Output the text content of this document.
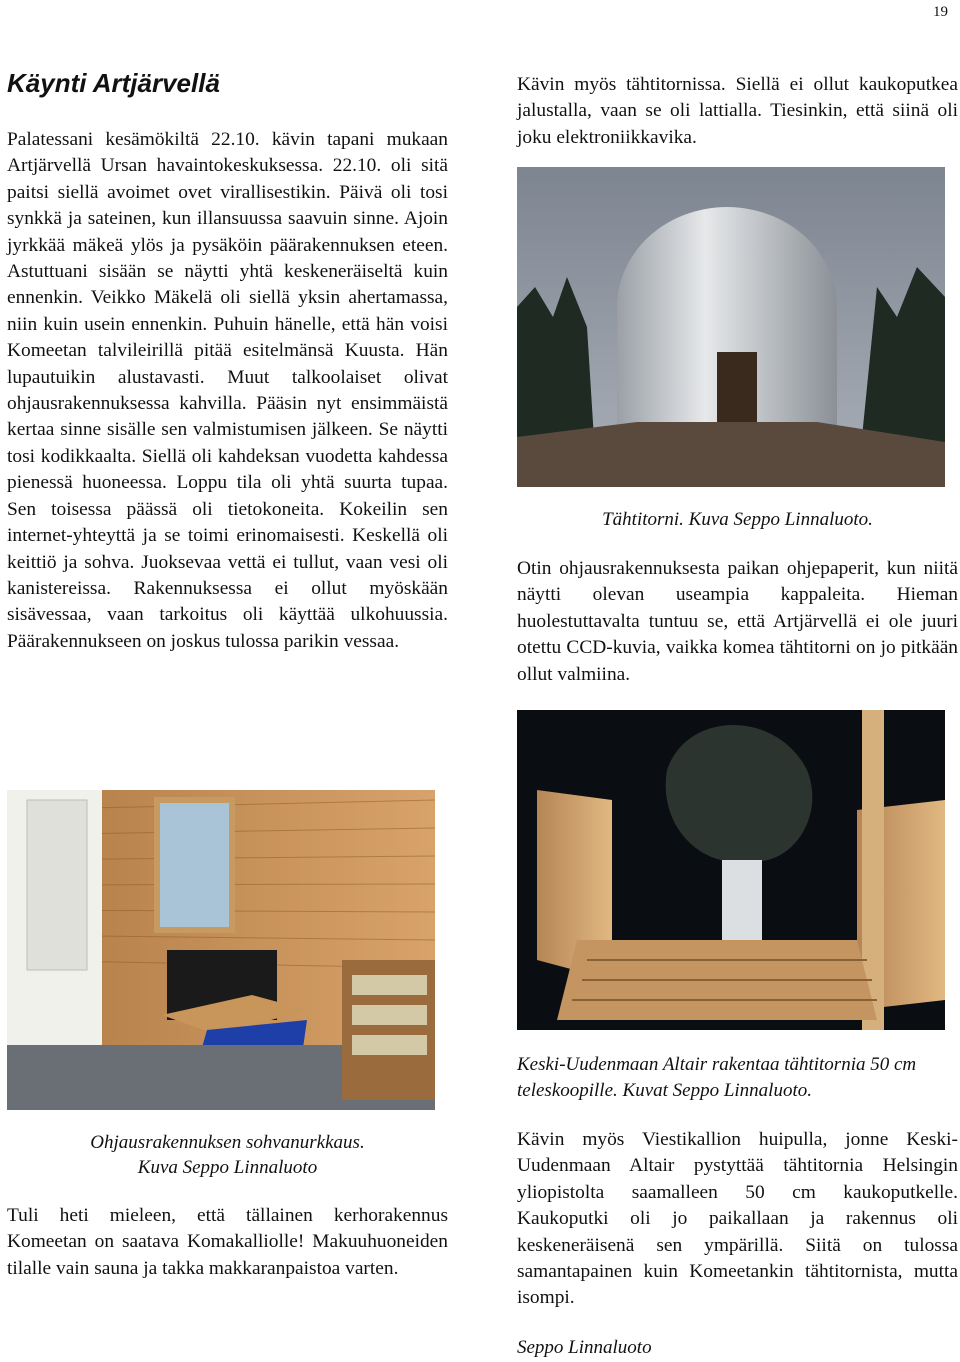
19
Käynti Artjärvellä

Palatessani kesämökiltä 22.10. kävin tapani mukaan Artjärvellä Ursan havaintokeskuksessa. 22.10. oli sitä paitsi siellä avoimet ovet virallisestikin. Päivä oli tosi synkkä ja sateinen, kun illansuussa saavuin sinne. Ajoin jyrkkää mäkeä ylös ja pysäköin päärakennuksen eteen. Astuttuani sisään se näytti yhtä keskeneräiseltä kuin ennenkin. Veikko Mäkelä oli siellä yksin ahertamassa, niin kuin usein ennenkin. Puhuin hänelle, että hän voisi Komeetan talvileirillä pitää esitelmänsä Kuusta. Hän lupautuikin alustavasti. Muut talkoolaiset olivat ohjausrakennuksessa kahvilla. Pääsin nyt ensimmäistä kertaa sinne sisälle sen valmistumisen jälkeen. Se näytti tosi kodikkaalta. Siellä oli kahdeksan vuodetta kahdessa pienessä huoneessa. Loppu tila oli yhtä suurta tupaa. Sen toisessa päässä oli tietokoneita. Kokeilin sen internet-yhteyttä ja se toimi erinomaisesti. Keskellä oli keittiö ja sohva. Juoksevaa vettä ei tullut, vaan vesi oli kanistereissa. Rakennuksessa ei ollut myöskään sisävessaa, vaan tarkoitus oli käyttää ulkohuussia. Päärakennukseen on joskus tulossa parikin vessaa.

Ohjausrakennuksen sohvanurkkaus.
Kuva Seppo Linnaluoto

Tuli heti mieleen, että tällainen kerhorakennus Komeetan on saatava Komakalliolle! Makuuhuoneiden tilalle vain sauna ja takka makkaranpaistoa varten.

Kävin myös tähtitornissa. Siellä ei ollut kaukoputkea jalustalla, vaan se oli lattialla. Tiesinkin, että siinä oli joku elektroniikkavika.

Tähtitorni. Kuva Seppo Linnaluoto.

Otin ohjausrakennuksesta paikan ohjepaperit, kun niitä näytti olevan useampia kappaleita. Hieman huolestuttavalta tuntuu se, että Artjärvellä ei ole juuri otettu CCD-kuvia, vaikka komea tähtitorni on jo pitkään ollut valmiina.

Keski-Uudenmaan Altair rakentaa tähtitornia 50 cm teleskoopille. Kuvat Seppo Linnaluoto.

Kävin myös Viestikallion huipulla, jonne Keski-Uudenmaan Altair pystyttää tähtitornia Helsingin yliopistolta saamalleen 50 cm kaukoputkelle. Kaukoputki oli jo paikallaan ja rakennus oli keskeneräisenä sen ympärillä. Siitä on tulossa samantapainen kuin Komeetankin tähtitornista, mutta isompi.

Seppo Linnaluoto
